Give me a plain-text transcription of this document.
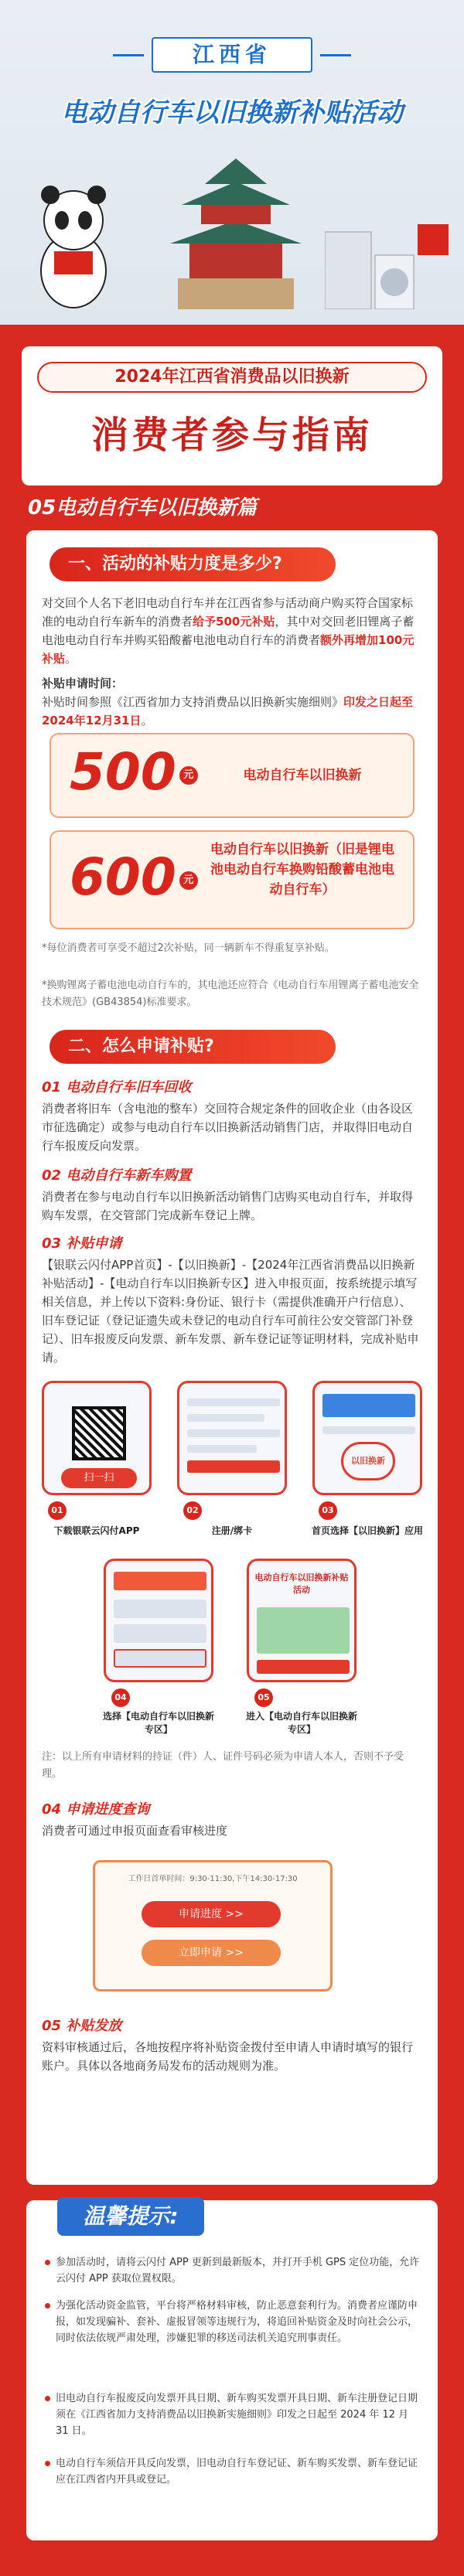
江西省
电动自行车以旧换新补贴活动
2024年江西省消费品以旧换新
消费者参与指南
05电动自行车以旧换新篇
一、活动的补贴力度是多少?
对交回个人名下老旧电动自行车并在江西省参与活动商户购买符合国家标准的电动自行车新车的消费者给予500元补贴，其中对交回老旧锂离子蓄电池电动自行车并购买铅酸蓄电池电动自行车的消费者额外再增加100元补贴。
补贴申请时间：补贴时间参照《江西省加力支持消费品以旧换新实施细则》印发之日起至2024年12月31日。
500 元	电动自行车以旧换新
600 元
电动自行车以旧换新（旧是锂电池电动自行车换购铅酸蓄电池电动自行车）
*每位消费者可享受不超过2次补贴，同一辆新车不得重复享补贴。
*换购锂离子蓄电池电动自行车的，其电池还应符合《电动自行车用锂离子蓄电池安全技术规范》(GB43854)标准要求。
二、怎么申请补贴?
01 电动自行车旧车回收
消费者将旧车（含电池的整车）交回符合规定条件的回收企业（由各设区市征选确定）或参与电动自行车以旧换新活动销售门店，并取得旧电动自行车报废反向发票。
02 电动自行车新车购置
消费者在参与电动自行车以旧换新活动销售门店购买电动自行车，并取得购车发票，在交管部门完成新车登记上牌。
03 补贴申请
【银联云闪付APP首页】-【以旧换新】-【2024年江西省消费品以旧换新补贴活动】-【电动自行车以旧换新专区】进入申报页面，按系统提示填写相关信息，并上传以下资料:身份证、银行卡（需提供准确开户行信息）、旧车登记证（登记证遗失或未登记的电动自行车可前往公安交管部门补登记）、旧车报废反向发票、新车发票、新车登记证等证明材料，完成补贴申请。
扫一扫
01
下载银联云闪付APP
02
注册/绑卡
以旧换新
03
首页选择【以旧换新】应用
04
选择【电动自行车以旧换新专区】
电动自行车以旧换新补贴活动
05
进入【电动自行车以旧换新专区】
注：以上所有申请材料的持证（件）人、证件号码必须为申请人本人，否则不予受理。
04 申请进度查询
消费者可通过申报页面查看审核进度
05 补贴发放
资料审核通过后，各地按程序将补贴资金拨付至申请人申请时填写的银行账户。具体以各地商务局发布的活动规则为准。
工作日首单时间：9:30-11:30,下午14:30-17:30
申请进度 >>
立即申请 >>
温馨提示:
参加活动时，请将云闪付 APP 更新到最新版本，并打开手机 GPS 定位功能，允许云闪付 APP 获取位置权限。
为强化活动资金监管，平台将严格材料审核，防止恶意套利行为。消费者应谨防申报，如发现骗补、套补、虚报冒领等违规行为，将追回补贴资金及时向社会公示，同时依法依规严肃处理，涉嫌犯罪的移送司法机关追究刑事责任。
旧电动自行车报废反向发票开具日期、新车购买发票开具日期、新车注册登记日期须在《江西省加力支持消费品以旧换新实施细则》印发之日起至 2024 年 12 月 31 日。
电动自行车须信开具反向发票，旧电动自行车登记证、新车购买发票、新车登记证应在江西省内开具或登记。
